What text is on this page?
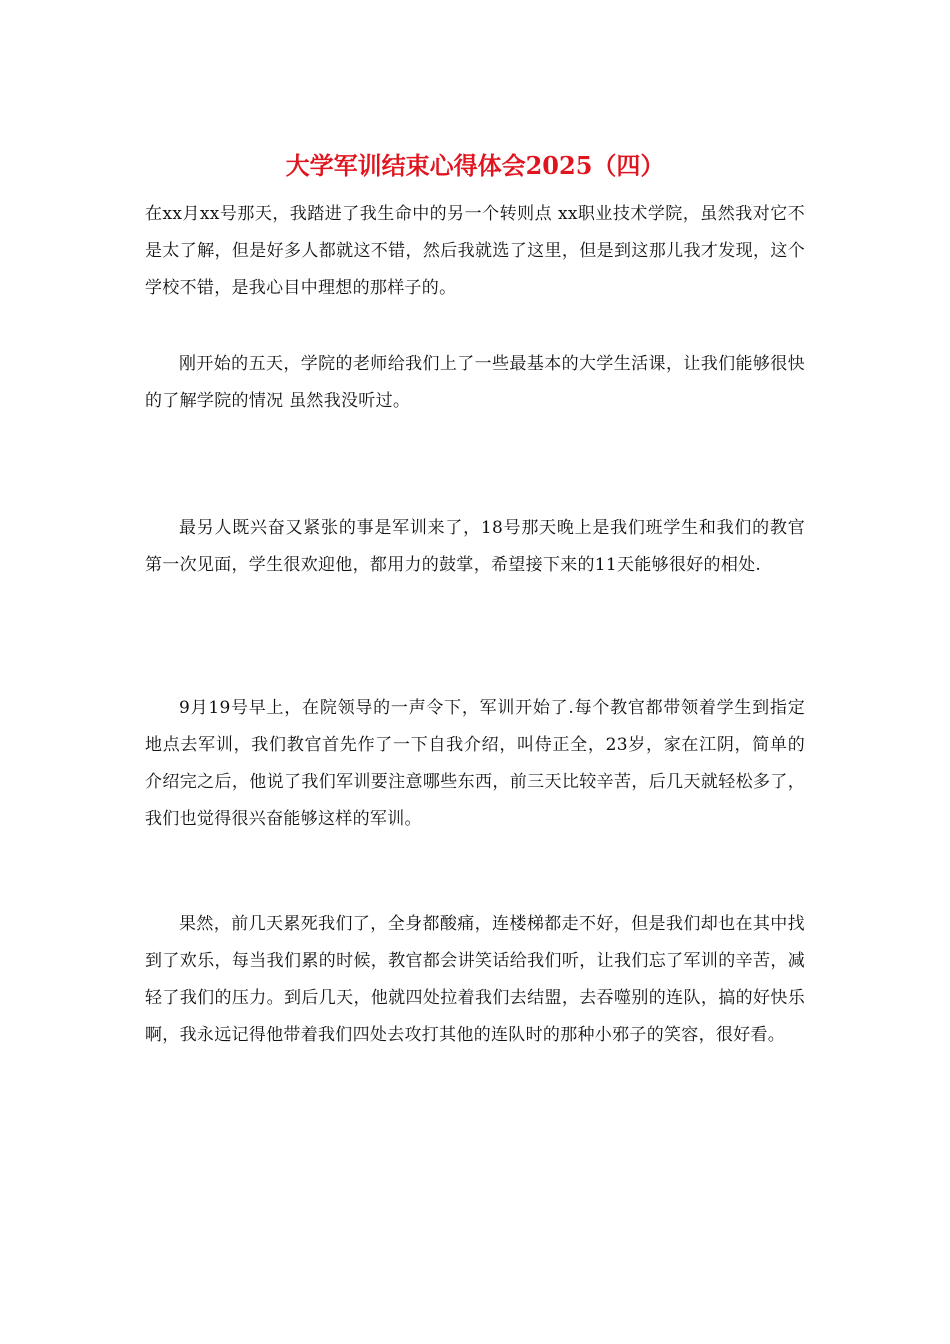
大学军训结束心得体会2025（四）

在xx月xx号那天，我踏进了我生命中的另一个转则点 xx职业技术学院，虽然我对它不是太了解，但是好多人都就这不错，然后我就选了这里，但是到这那儿我才发现，这个学校不错，是我心目中理想的那样子的。

刚开始的五天，学院的老师给我们上了一些最基本的大学生活课，让我们能够很快的了解学院的情况 虽然我没听过。

最另人既兴奋又紧张的事是军训来了，18号那天晚上是我们班学生和我们的教官第一次见面，学生很欢迎他，都用力的鼓掌，希望接下来的11天能够很好的相处.

9月19号早上，在院领导的一声令下，军训开始了.每个教官都带领着学生到指定地点去军训，我们教官首先作了一下自我介绍，叫侍正全，23岁，家在江阴，简单的介绍完之后，他说了我们军训要注意哪些东西，前三天比较辛苦，后几天就轻松多了，我们也觉得很兴奋能够这样的军训。

果然，前几天累死我们了，全身都酸痛，连楼梯都走不好，但是我们却也在其中找到了欢乐，每当我们累的时候，教官都会讲笑话给我们听，让我们忘了军训的辛苦，减轻了我们的压力。到后几天，他就四处拉着我们去结盟，去吞噬别的连队，搞的好快乐啊，我永远记得他带着我们四处去攻打其他的连队时的那种小邪子的笑容，很好看。
